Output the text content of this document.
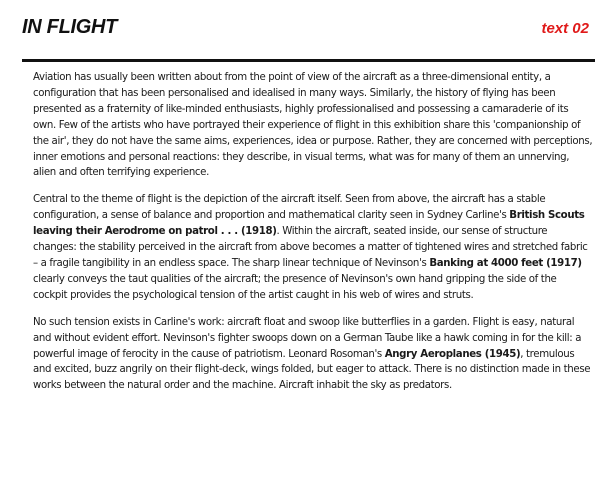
IN FLIGHT	text 02

Aviation has usually been written about from the point of view of the aircraft as a three-dimensional entity, a configuration that has been personalised and idealised in many ways. Similarly, the history of flying has been presented as a fraternity of like-minded enthusiasts, highly professionalised and possessing a camaraderie of its own. Few of the artists who have portrayed their experience of flight in this exhibition share this 'companionship of the air', they do not have the same aims, experiences, idea or purpose. Rather, they are concerned with perceptions, inner emotions and personal reactions: they describe, in visual terms, what was for many of them an unnerving, alien and often terrifying experience.

Central to the theme of flight is the depiction of the aircraft itself. Seen from above, the aircraft has a stable configuration, a sense of balance and proportion and mathematical clarity seen in Sydney Carline's British Scouts leaving their Aerodrome on patrol . . . (1918). Within the aircraft, seated inside, our sense of structure changes: the stability perceived in the aircraft from above becomes a matter of tightened wires and stretched fabric – a fragile tangibility in an endless space. The sharp linear technique of Nevinson's Banking at 4000 feet (1917) clearly conveys the taut qualities of the aircraft; the presence of Nevinson's own hand gripping the side of the cockpit provides the psychological tension of the artist caught in his web of wires and struts.

No such tension exists in Carline's work: aircraft float and swoop like butterflies in a garden. Flight is easy, natural and without evident effort. Nevinson's fighter swoops down on a German Taube like a hawk coming in for the kill: a powerful image of ferocity in the cause of patriotism. Leonard Rosoman's Angry Aeroplanes (1945), tremulous and excited, buzz angrily on their flight-deck, wings folded, but eager to attack. There is no distinction made in these works between the natural order and the machine. Aircraft inhabit the sky as predators.
